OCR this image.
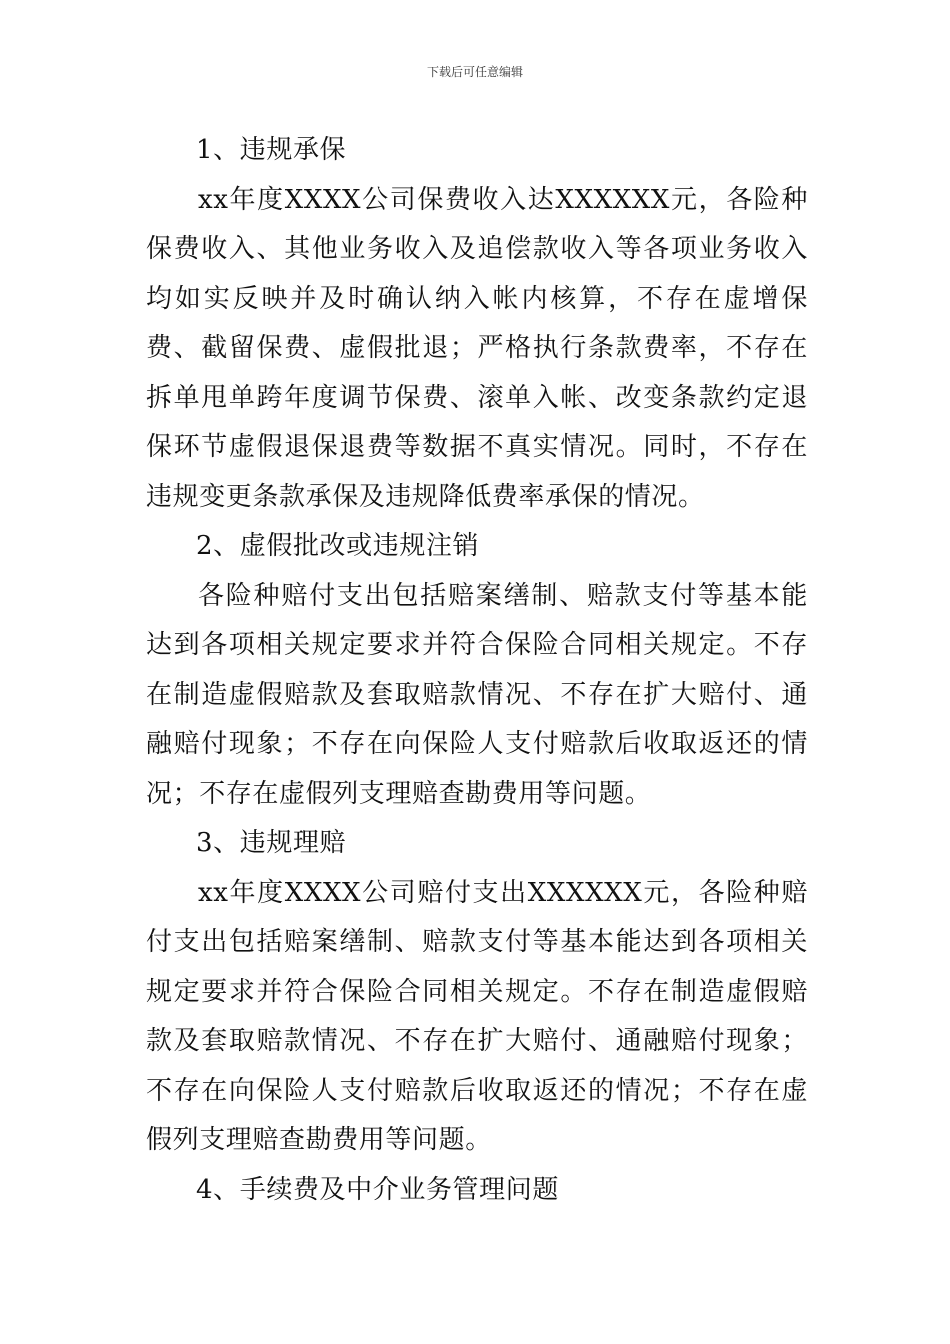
下载后可任意编辑

1、违规承保

xx年度XXXX公司保费收入达XXXXXX元，各险种保费收入、其他业务收入及追偿款收入等各项业务收入均如实反映并及时确认纳入帐内核算，不存在虚增保费、截留保费、虚假批退；严格执行条款费率，不存在拆单甩单跨年度调节保费、滚单入帐、改变条款约定退保环节虚假退保退费等数据不真实情况。同时，不存在违规变更条款承保及违规降低费率承保的情况。

2、虚假批改或违规注销

各险种赔付支出包括赔案缮制、赔款支付等基本能达到各项相关规定要求并符合保险合同相关规定。不存在制造虚假赔款及套取赔款情况、不存在扩大赔付、通融赔付现象；不存在向保险人支付赔款后收取返还的情况；不存在虚假列支理赔查勘费用等问题。

3、违规理赔

xx年度XXXX公司赔付支出XXXXXX元，各险种赔付支出包括赔案缮制、赔款支付等基本能达到各项相关规定要求并符合保险合同相关规定。不存在制造虚假赔款及套取赔款情况、不存在扩大赔付、通融赔付现象；不存在向保险人支付赔款后收取返还的情况；不存在虚假列支理赔查勘费用等问题。

4、手续费及中介业务管理问题
